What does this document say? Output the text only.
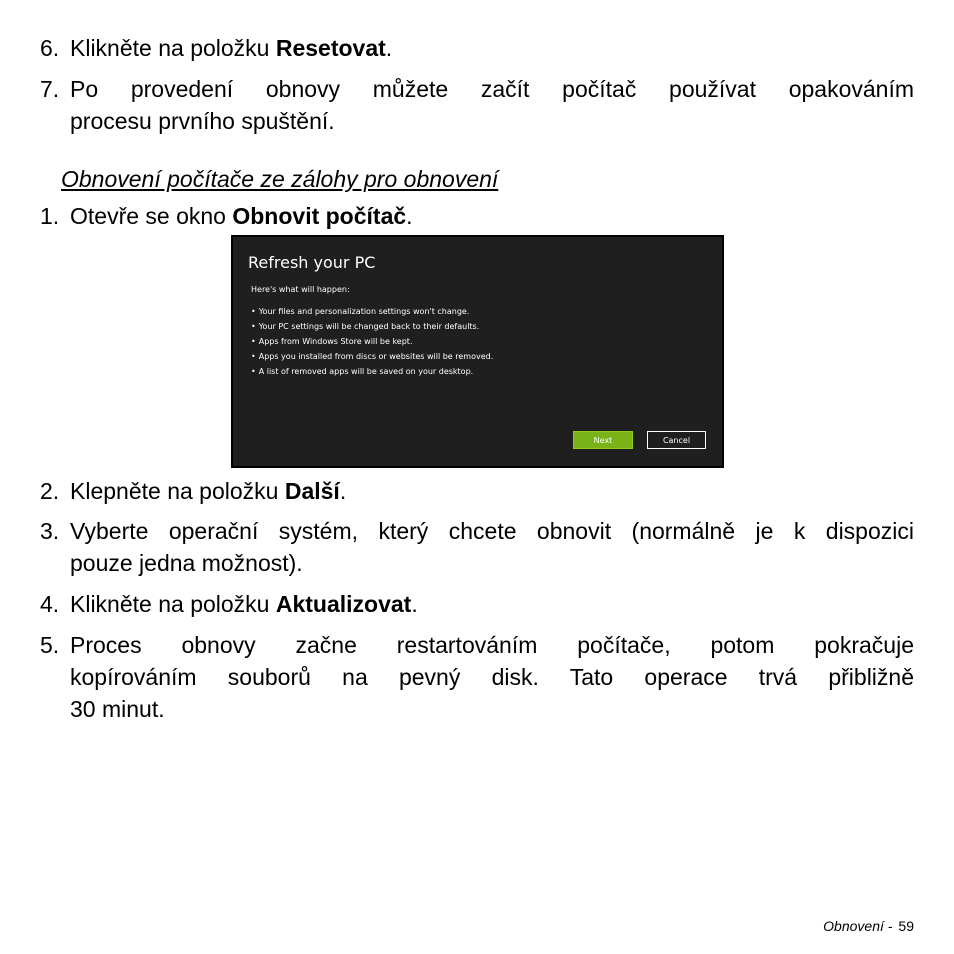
6. Klikněte na položku Resetovat.
7. Po provedení obnovy můžete začít počítač používat opakováním
procesu prvního spuštění.
Obnovení počítače ze zálohy pro obnovení
1. Otevře se okno Obnovit počítač.
Refresh your PC
Here's what will happen:
• Your files and personalization settings won't change.
• Your PC settings will be changed back to their defaults.
• Apps from Windows Store will be kept.
• Apps you installed from discs or websites will be removed.
• A list of removed apps will be saved on your desktop.
Next	Cancel
2. Klepněte na položku Další.
3. Vyberte operační systém, který chcete obnovit (normálně je k dispozici
pouze jedna možnost).
4. Klikněte na položku Aktualizovat.
5. Proces obnovy začne restartováním počítače, potom pokračuje
kopírováním souborů na pevný disk. Tato operace trvá přibližně
30 minut.
Obnovení - 59
